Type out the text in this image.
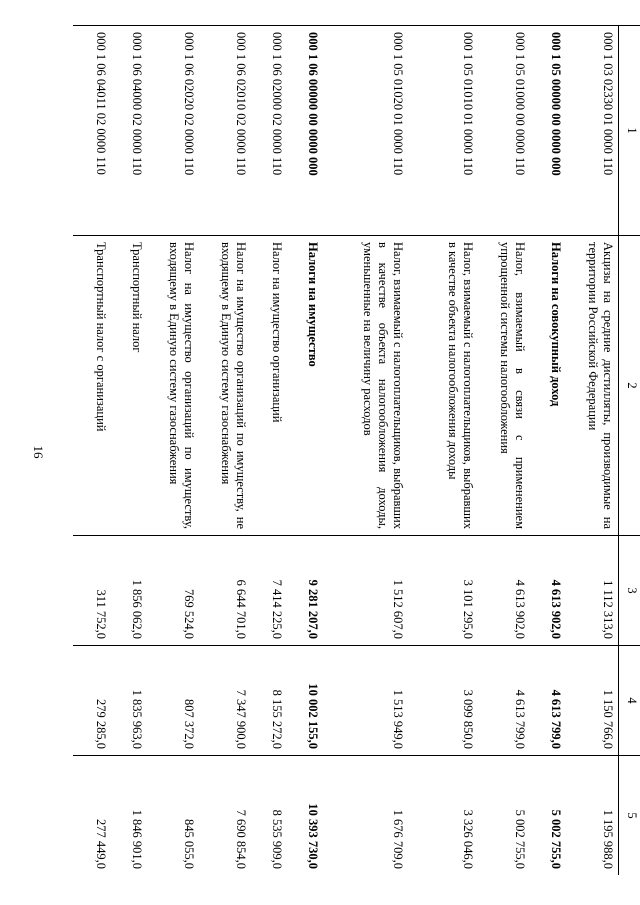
16
1	2	3	4	5
000 1 03 02330 01 0000 110	Акцизы на средние дистилляты, производимые на территории Российской Федерации	1 112 313,0	1 150 766,0	1 195 988,0
000 1 05 00000 00 0000 000	Налоги на совокупный доход	4 613 902,0	4 613 799,0	5 002 755,0
000 1 05 01000 00 0000 110	Налог, взимаемый в связи с применением упрощенной системы налогообложения	4 613 902,0	4 613 799,0	5 002 755,0
000 1 05 01010 01 0000 110	Налог, взимаемый с налогоплательщиков, выбравших в качестве объекта налогообложения доходы	3 101 295,0	3 099 850,0	3 326 046,0
000 1 05 01020 01 0000 110	Налог, взимаемый с налогоплательщиков, выбравших в качестве объекта налогообложения доходы, уменьшенные на величину расходов	1 512 607,0	1 513 949,0	1 676 709,0
000 1 06 00000 00 0000 000	Налоги на имущество	9 281 207,0	10 002 155,0	10 393 730,0
000 1 06 02000 02 0000 110	Налог на имущество организаций	7 414 225,0	8 155 272,0	8 535 909,0
000 1 06 02010 02 0000 110	Налог на имущество организаций по имуществу, не входящему в Единую систему газоснабжения	6 644 701,0	7 347 900,0	7 690 854,0
000 1 06 02020 02 0000 110	Налог на имущество организаций по имуществу, входящему в Единую систему газоснабжения	769 524,0	807 372,0	845 055,0
000 1 06 04000 02 0000 110	Транспортный налог	1 856 062,0	1 835 963,0	1 846 901,0
000 1 06 04011 02 0000 110	Транспортный налог с организаций	311 752,0	279 285,0	277 449,0
